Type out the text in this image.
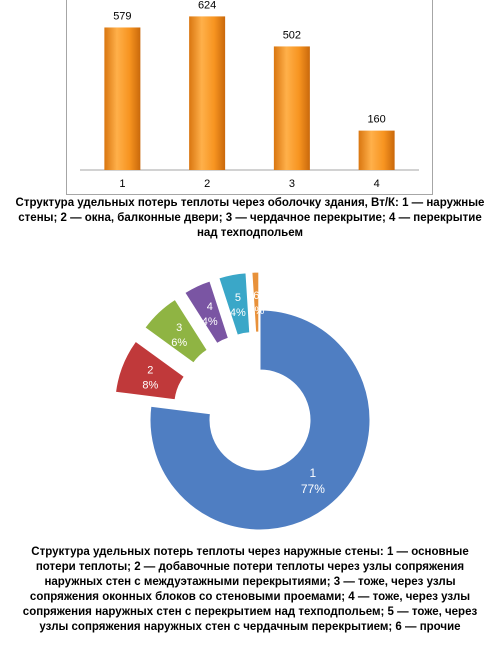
579
1
624
2
502
3
160
4
Структура удельных потерь теплоты через оболочку здания, Вт/К: 1 — наружные стены; 2 — окна, балконные двери; 3 — чердачное перекрытие; 4 — перекрытие над техподпольем
1
77%
2
8%
3
6%
4
4%
5
4%
6
1%
Структура удельных потерь теплоты через наружные стены: 1 — основные потери теплоты; 2 — добавочные потери теплоты через узлы сопряжения наружных стен с междуэтажными перекрытиями; 3 — тоже, через узлы сопряжения оконных блоков со стеновыми проемами; 4 — тоже, через узлы сопряжения наружных стен с перекрытием над техподпольем; 5 — тоже, через узлы сопряжения наружных стен с чердачным перекрытием; 6 — прочие
